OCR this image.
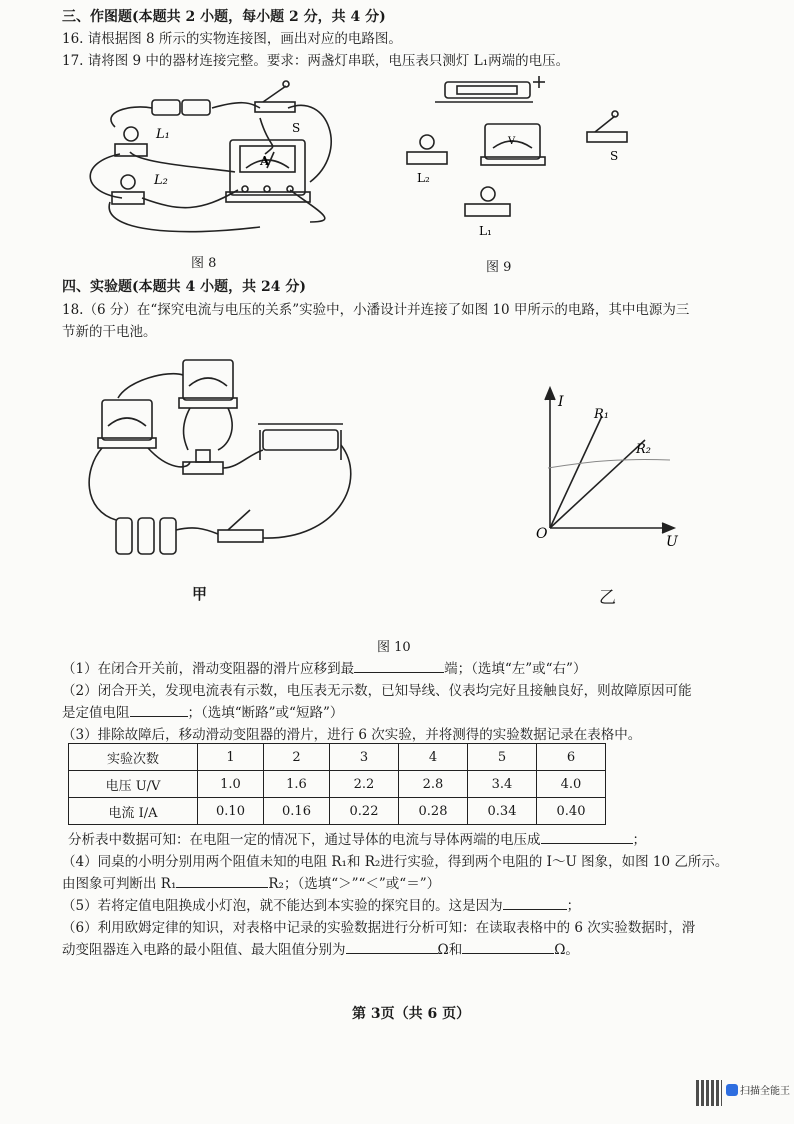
三、作图题(本题共 2 小题，每小题 2 分，共 4 分)
16. 请根据图 8 所示的实物连接图，画出对应的电路图。
17. 请将图 9 中的器材连接完整。要求：两盏灯串联，电压表只测灯 L₁两端的电压。
L₁
L₂
S
A
图 8
V
S
L₂
L₁
图 9
四、实验题(本题共 4 小题，共 24 分)
18.（6 分）在“探究电流与电压的关系”实验中，小潘设计并连接了如图 10 甲所示的电路，其中电源为三
节新的干电池。
甲
I
U
O
R₁
R₂
乙
图 10
（1）在闭合开关前，滑动变阻器的滑片应移到最	端；（选填“左”或“右”）
（2）闭合开关，发现电流表有示数，电压表无示数，已知导线、仪表均完好且接触良好，则故障原因可能
是定值电阻	；（选填“断路”或“短路”）
（3）排除故障后，移动滑动变阻器的滑片，进行 6 次实验，并将测得的实验数据记录在表格中。
实验次数	1	2	3	4	5	6
电压 U/V	1.0	1.6	2.2	2.8	3.4	4.0
电流 I/A	0.10	0.16	0.22	0.28	0.34	0.40
分析表中数据可知：在电阻一定的情况下，通过导体的电流与导体两端的电压成	；
（4）同桌的小明分别用两个阻值未知的电阻 R₁和 R₂进行实验，得到两个电阻的 I～U 图象，如图 10 乙所示。
由图象可判断出 R₁	R₂；（选填“＞”“＜”或“＝”）
（5）若将定值电阻换成小灯泡，就不能达到本实验的探究目的。这是因为	；
（6）利用欧姆定律的知识，对表格中记录的实验数据进行分析可知：在读取表格中的 6 次实验数据时，滑
动变阻器连入电路的最小阻值、最大阻值分别为	Ω和	Ω。
第 3页（共 6 页）
扫描全能王
